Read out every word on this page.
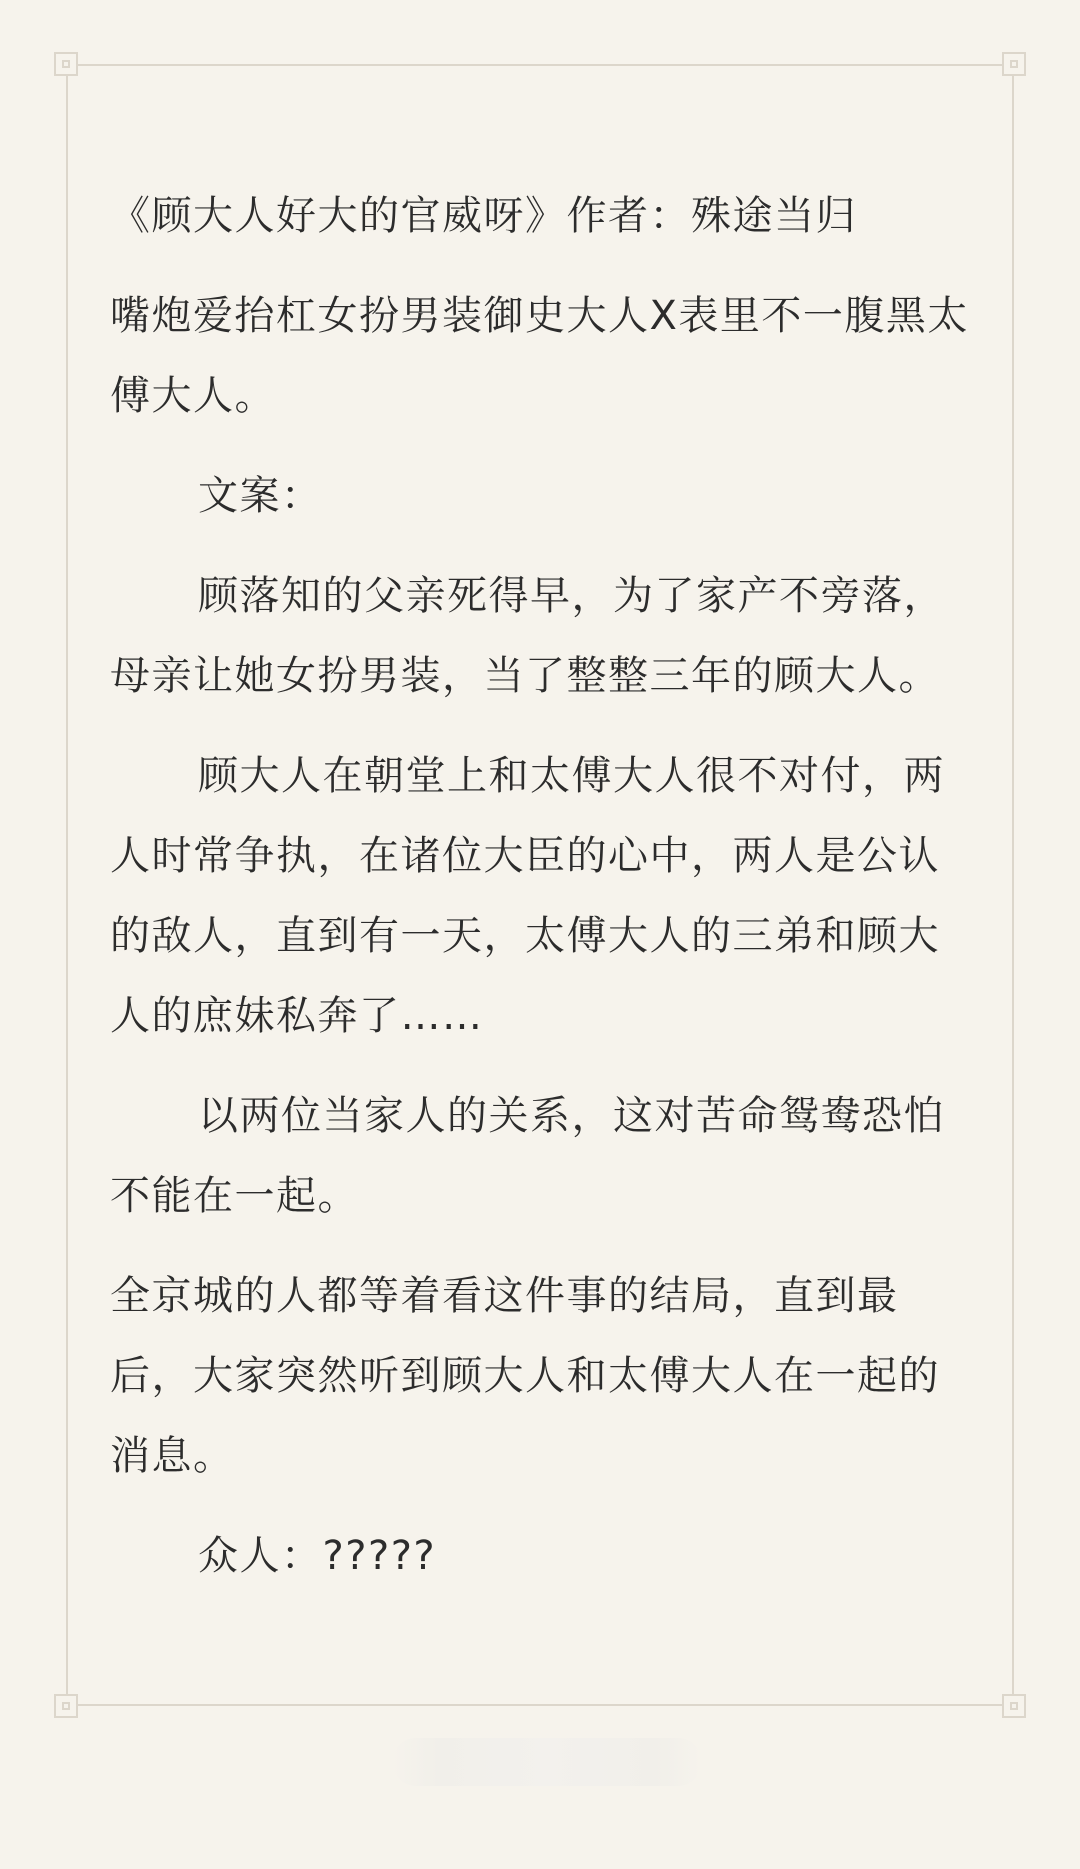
《顾大人好大的官威呀》作者：殊途当归

嘴炮爱抬杠女扮男装御史大人X表里不一腹黑太傅大人。

文案：

顾落知的父亲死得早，为了家产不旁落，母亲让她女扮男装，当了整整三年的顾大人。

顾大人在朝堂上和太傅大人很不对付，两人时常争执，在诸位大臣的心中，两人是公认的敌人，直到有一天，太傅大人的三弟和顾大人的庶妹私奔了……

以两位当家人的关系，这对苦命鸳鸯恐怕不能在一起。

全京城的人都等着看这件事的结局，直到最后，大家突然听到顾大人和太傅大人在一起的消息。

众人：?????
